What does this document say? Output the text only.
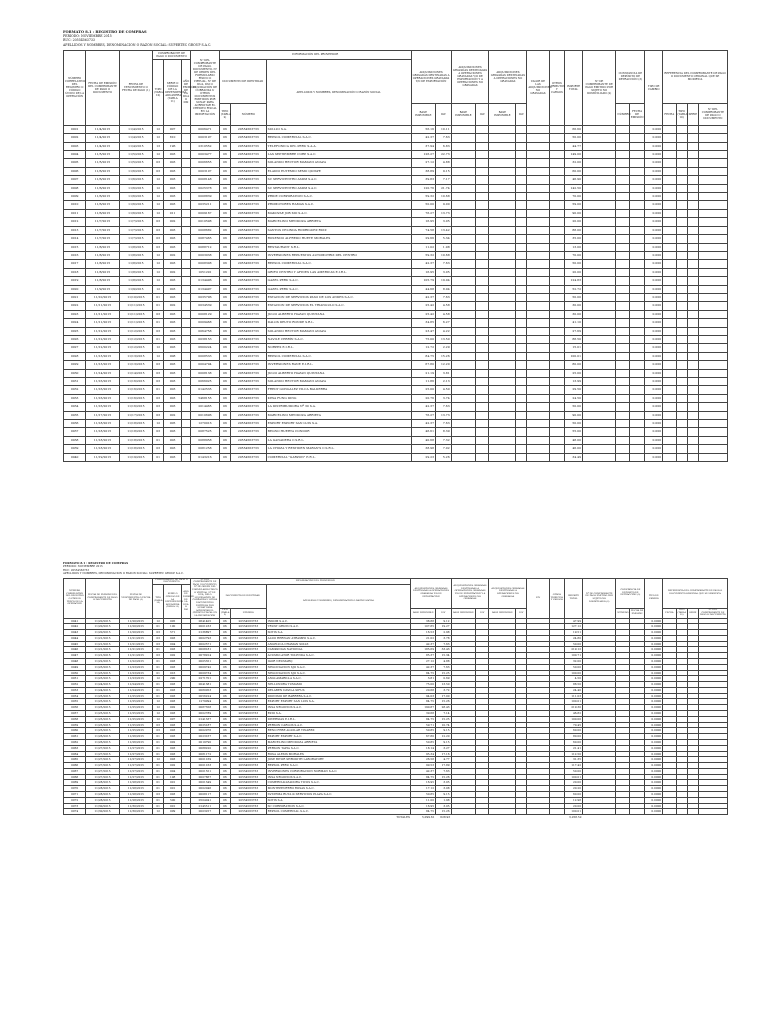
FORMATO 8.1 : REGISTRO DE COMPRAS
PERIODO: NOVIEMBRE 2015
RUC: 20554563733
APELLIDOS Y NOMBRES, DENOMINACION O RAZON SOCIAL: SUPERTEC GROUP S.A.C.
NÚMERO CORRELATIVO DEL REGISTRO O CÓDIGO ÚNICO DE LA OPERACIÓN	FECHA DE EMISIÓN DEL COMPROBANTE DE PAGO O DOCUMENTO	FECHA DE VENCIMIENTO O FECHA DE PAGO (1)	COMPROBANTE DE PAGO O DOCUMENTO			Nº DEL COMPROBANTE DE PAGO, DOCUMENTO, Nº DE ORDEN DEL FORMULARIO FÍSICO O VIRTUAL, Nº DE DUA, DSI O LIQUIDACIÓN DE COBRANZA U OTROS DOCUMENTOS EMITIDOS POR SUNAT PARA ACREDITAR EL CRÉDITO FISCAL EN LA IMPORTACIÓN	INFORMACIÓN DEL PROVEEDOR			ADQUISICIONES GRAVADAS DESTINADAS A OPERACIONES GRAVADAS Y/O DE EXPORTACIÓN		ADQUISICIONES GRAVADAS DESTINADAS A OPERACIONES GRAVADAS Y/O DE EXPORTACIÓN Y A OPERACIONES NO GRAVADAS		ADQUISICIONES GRAVADAS DESTINADAS A OPERACIONES NO GRAVADAS		VALOR DE LAS ADQUISICIONES NO GRAVADAS	OTROS TRIBUTOS Y CARGOS	IMPORTE TOTAL	Nº DE COMPROBANTE DE PAGO EMITIDO POR SUJETO NO DOMICILIADO (2)	CONSTANCIA DE DEPÓSITO DE DETRACCIÓN (3)		TIPO DE CAMBIO	REFERENCIA DEL COMPROBANTE DE PAGO O DOCUMENTO ORIGINAL QUE SE MODIFICA			
			TIPO (TABLA 10)	SERIE O CÓDIGO DE LA DEPENDENCIA ADUANERA (TABLA 11)	AÑO DE EMISIÓN DE LA DUA O DSI		DOCUMENTO DE IDENTIDAD		APELLIDOS Y NOMBRES, DENOMINACIÓN O RAZÓN SOCIAL																	
							TIPO (TABLA 2)	NÚMERO		BASE IMPONIBLE	IGV	BASE IMPONIBLE	IGV	BASE IMPONIBLE	IGV					NÚMERO	FECHA DE EMISIÓN		FECHA	TIPO (TABLA 10)	SERIE	Nº DEL COMPROBANTE DE PAGO O DOCUMENTO
0001	11/4/2015	11/4/2015	12	007		0006471	06	20554563733	SULLIO S.A.	56.16	10.11							66.60				0.000				
0002	11/4/2015	11/4/2015	12	810		0003197	06	20554563733	REPSOL COMERCIAL S.A.C.	42.37	7.63							50.00				0.000				
0003	11/4/2015	11/4/2015	13	196		2310552	06	20554563733	TELEFONICA DEL PERU S.A.A.	37.94	6.83							44.77				0.000				
0004	11/5/2015	11/5/2015	12	003		0003477	06	20554563733	LAS SEPTIEMBRE CORP S.A.C.	126.27	22.73							149.00				0.000				
0005	11/5/2015	11/5/2015	03	003		0006655	06	20554563733	SOLANDO HECTOR MAMANI ANAZA	27.12	4.88							32.00				0.000				
0006	11/6/2015	11/6/2015	03	003		0003107	06	20554563733	ELADIO EUTEMIO SEMO QUISPE	38.89	9.15							60.00				0.000				
0007	11/6/2015	11/6/2015	12	003		0008148	06	20554563733	SC SERVICENTRO ASDM S.A.C.	39.83	7.17							46.90				0.000				
0008	11/6/2015	11/6/2015	12	003		0025378	06	20554563733	SC SERVICENTRO ASDM S.A.C.	120.76	21.74							142.50				0.000				
0009	11/6/2015	11/6/2015	12	003		0008839	06	20554563733	PRIDE CORPORATION S.A.C.	59.32	10.68							70.00				0.000				
0010	11/6/2015	11/6/2015	12	003		0035211	06	20554563733	PROMOTORES HAMAS S.A.C.	50.00	9.00							59.00				0.000				
0011	11/6/2015	11/6/2015	12	011		0009167	06	20554563733	MAKOVAE JOB XIO S.A.C.	76.27	13.73							90.00				0.000				
0012	11/7/2015	11/7/2015	03	002		0010598	06	20554563733	MARCELINO MENDOZA ARRIETA	16.95	3.05							20.00				0.000				
0013	11/7/2015	11/7/2015	03	003		0008682	06	20554563733	SANTOS CELINDA RODRIGUEZ RUIZ	74.58	13.42							88.00				0.000				
0014	11/7/2015	11/7/2015	03	003		0087465	06	20554563733	ROSENDO ALFREDO HUETE MORALES	29.66	5.34							35.00				0.000				
0015	11/8/2015	11/8/2015	03	003		0088712	06	20554563733	RESTAURANT S.R.L.	11.02	1.98							13.00				0.000				
0016	11/8/2015	11/8/2015	12	002		0003038	06	20554563733	INVERSIONES REPUESTOS AUTOMOTRIZ DEL CENTRO	59.32	10.68							70.00				0.000				
0017	11/8/2015	11/8/2015	12	003		0008308	06	20554563733	REPSOL COMERCIAL S.A.C.	42.37	7.63							50.00				0.000				
0018	11/8/2015	11/8/2015	12	002		1051291	06	20554563733	GRIFO CENTRO Y AFINES LAS AMERICAS E.I.R.L.	16.95	3.05							20.00				0.000				
0019	11/8/2015	11/8/2015	12	003		0134496	06	20554563733	GAZEL PERU S.A.C.	105.79	19.04							124.83				0.000				
0020	11/9/2015	11/9/2015	12	003		0134497	06	20554563733	GAZEL PERU S.A.C.	44.68	8.04							52.72				0.000				
0021	11/10/2015	11/10/2015	01	003		0035796	06	20554563733	ESTACION DE SERVICIOS PASO DE LOS ANDES S.A.C.	42.37	7.63							50.00				0.000				
0022	11/11/2015	11/11/2015	01	002		0034539	06	20554563733	ESTACION DE SERVICIOS EL TRIANGULO S.A.C.	25.42	4.58							30.00				0.000				
0023	11/11/2015	11/11/2015	03	003		0008129	06	20554563733	JULIO ALBERTO HAZAN QUINTANA	25.42	4.58							30.00				0.000				
0024	11/11/2015	11/11/2015	01	003		0009468	06	20554563733	DALOS DEUTO RONDE S.R.L.	34.85	6.27							41.10				0.000				
0025	11/12/2015	11/12/2015	03	003		0064758	06	20554563733	SOLANDO HECTOR MAMANI ANAZA	23.47	4.22							27.69				0.000				
0026	11/12/2015	11/12/2015	01	003		0038153	06	20554563733	NAVILE CEBRÍN S.A.C.	75.00	13.50							88.50				0.000				
0027	11/12/2015	11/12/2015	12	003		0600224	06	20554563733	NORPEX E.I.R.L.	12.72	2.29							15.01				0.000				
0028	11/13/2015	11/13/2015	12	008		0008533	06	20554563733	REPSOL COMERCIAL S.A.C.	84.75	15.26							100.01				0.000				
0029	11/13/2015	11/13/2015	03	003		0004794	06	20554563733	INVERSIONES RANE E.I.R.L.	67.80	12.20							80.00				0.000				
0030	11/14/2015	11/14/2015	03	003		0008138	06	20554563733	JULIO ALBERTO HAZAN QUINTANA	21.19	3.81							25.00				0.000				
0031	11/16/2015	11/16/2015	03	003		0066025	06	20554563733	SOLANDO HECTOR MAMANI ANAZA	11.86	2.13							13.99				0.000				
0032	11/16/2015	11/16/2015	01	003		0142535	06	20554563733	FREDY GONGALEZ VILCA BALDERRA	25.00	4.50							29.50				0.000				
0033	11/16/2015	11/16/2015	03	003		5468155	06	20554563733	KIWA FUNG DING	20.76	3.74							24.50				0.000				
0034	11/16/2015	11/16/2015	03	003		2014465	06	20554563733	LA DISTRIBUIDORA Nº 30 S.A.	42.37	7.63							50.00				0.000				
0035	11/17/2015	11/17/2015	03	002		0010696	06	20554563733	MARCELINO MENDOZA ARRIETA	76.27	13.73							90.00				0.000				
0036	11/18/2015	11/18/2015	12	005		1270016	06	20554563733	EXPORT EXPORT SAN LUIS S.A.	42.37	7.63							50.00				0.000				
0037	11/18/2015	11/18/2015	03	003		0087525	06	20554563733	BEGNO HUERTA CONDOR	46.61	8.39							55.00				0.000				
0038	11/18/2015	11/18/2015	01	003		0088958	06	20554563733	LA GANADERA C.S.R.L.	40.68	7.32							48.00				0.000				
0039	11/18/2015	11/18/2015	03	003		0081258	06	20554563733	LA CHOZA Y RESTIDEN MARAN'S C.S.R.L.	38.98	7.02							46.00				0.000				
0040	11/19/2015	11/19/2015	01	003		0143216	06	20554563733	COMERCIAL "GARZON" E.R.L.	29.23	5.26							34.49				0.000				
FORMATO 8.1 : REGISTRO DE COMPRAS
PERIODO: NOVIEMBRE 2015
RUC: 20554563733
APELLIDOS Y NOMBRES, DENOMINACION O RAZON SOCIAL: SUPERTEC GROUP S.A.C.
NÚMERO CORRELATIVO DEL REGISTRO O CÓDIGO ÚNICO DE LA OPERACIÓN	FECHA DE EMISIÓN DEL COMPROBANTE DE PAGO O DOCUMENTO	FECHA DE VENCIMIENTO O FECHA DE PAGO (1)	COMPROBANTE DE PAGO O DOCUMENTO			Nº DEL COMPROBANTE DE PAGO, DOCUMENTO, Nº DE ORDEN DEL FORMULARIO FÍSICO O VIRTUAL, Nº DE DUA, DSI O LIQUIDACIÓN DE COBRANZA U OTROS DOCUMENTOS EMITIDOS POR SUNAT PARA ACREDITAR EL CRÉDITO FISCAL EN LA IMPORTACIÓN	INFORMACIÓN DEL PROVEEDOR			ADQUISICIONES GRAVADAS DESTINADAS A OPERACIONES GRAVADAS Y/O DE EXPORTACIÓN		ADQUISICIONES GRAVADAS DESTINADAS A OPERACIONES GRAVADAS Y/O DE EXPORTACIÓN Y A OPERACIONES NO GRAVADAS		ADQUISICIONES GRAVADAS DESTINADAS A OPERACIONES NO GRAVADAS		IGV	OTROS TRIBUTOS Y CARGOS	IMPORTE TOTAL	Nº DE COMPROBANTE DE PAGO EMITIDO POR SUJETO NO DOMICILIADO (2)	CONSTANCIA DE DEPÓSITO DE DETRACCIÓN (3)		TIPO DE CAMBIO	REFERENCIA DEL COMPROBANTE DE PAGO O DOCUMENTO ORIGINAL QUE SE MODIFICA			
			TIPO (TABLA 10)	SERIE O CÓDIGO DE LA DEPENDENCIA ADUANERA (TABLA 11)	AÑO DE EMISIÓN DE LA DUA O DSI		DOCUMENTO DE IDENTIDAD		APELLIDOS Y NOMBRES, DENOMINACIÓN O RAZÓN SOCIAL																	
							TIPO (TABLA 2)	NÚMERO		BASE IMPONIBLE	IGV	BASE IMPONIBLE	IGV	BASE IMPONIBLE	IGV					NÚMERO	FECHA DE EMISIÓN		FECHA	TIPO (TABLA 10)	SERIE	Nº DEL COMPROBANTE DE PAGO O DOCUMENTO
0041	11/20/2015	11/20/2015	12	005		0641405	06	20554563733	INKOM S.A.C.	38.88	9.12							47.99				0.0000				
0042	11/20/2015	11/20/2015	01	100		0001233	06	20554563733	TRUST GRUPO S.A.C.	107.85	19.27							127.12				0.0000				
0043	11/20/2015	11/20/2015	03	571		0136897	06	20554563733	SOTIS S.A.	16.53	2.98							19.51				0.0000				
0044	11/21/2015	11/21/2015	03	003		0002793	06	20554563733	ALDO HERNAN ATRAMPO S.A.C.	21.02	3.78							24.80				0.0000				
0045	11/21/2015	11/21/2015	03	004		0002571	06	20554563733	ANGELICA CHAMAN SOLIZ	42.37	7.63							50.00				0.0000				
0046	11/21/2015	11/21/2015	01	003		0008181	06	20554563733	CAMPANIAS NATIONAL	185.69	33.43							219.12				0.0000				
0047	11/21/2015	11/21/2015	03	002		0078914	06	20554563733	ACUMULATOR TOLENDA S.A.C.	85.37	15.34							100.71				0.0000				
0048	11/22/2015	11/22/2015	01	003		0005351	06	20554563733	IGOR NEUMARQ	27.12	4.88							32.00				0.0000				
0049	11/23/2015	11/23/2015	01	003		0009742	06	20554563733	NEGOCIACION SJO S.A.C.	42.37	7.63							50.00				0.0000				
0050	11/23/2015	11/23/2015	01	016		0009734	06	20554563733	NEGOCIACION SJO S.A.C.	84.75	15.25							100.00				0.0000				
0051	11/23/2015	11/23/2015	12	290		0271701	06	20554563733	ANGLAMARILLA S.A.C.	3.81	0.69							4.50				0.0000				
0052	11/24/2015	11/24/2015	01	003		0041381	06	20554563733	NELLUNDRA TUMAMO	75.00	13.50							88.50				0.0000				
0053	11/24/2015	11/24/2015	01	003		0080053	06	20554563733	DELABEN DAVILA SIFUS	20.68	3.72							24.40				0.0000				
0054	11/25/2015	11/25/2015	01	003		0056224	06	20554563733	DIONISIO DE BARRERA S.A.C.	94.03	17.00							111.03				0.0000				
0055	11/25/2015	11/25/2015	12	003		1279094	06	20554563733	EXPORT EXPORT SAN LUIS S.A.	84.75	15.26							100.01				0.0000				
0056	11/25/2015	11/25/2015	12	002		0087358	06	20554563733	INSA NEGOCIOS S.A.C.	190.87	28.43							219.30				0.0000				
0057	11/25/2015	11/25/2015	12	003		0002789	06	20554563733	EZIO S.A.	39.68	7.14							46.82				0.0000				
0058	11/25/2015	11/25/2015	12	007		0141337	06	20554563733	DIVERSIAS E.I.R.L.	84.75	15.25							100.00				0.0000				
0059	11/25/2015	11/25/2015	03	003		0025187	06	20554563733	PERSON CARLOS S.A.C.	59.71	10.74							70.45				0.0000				
0060	11/25/2015	11/25/2015	03	003		0002076	06	20554563733	RENO FEBE AGUILAR TINAREZ	50.85	9.15							60.00				0.0000				
0061	11/26/2015	11/26/2015	01	003		0023167	06	20554563733	EXPORT EXPORT S.A.C.	67.80	12.20							80.00				0.0000				
0062	11/26/2015	11/26/2015	01	002		0019790	06	20554563733	MARCELINO MENDOZA ARRIETA	50.85	9.15							60.00				0.0000				
0063	11/27/2015	11/27/2015	01	003		0088220	06	20554563733	PERSON TAPIA S.A.C.	18.14	3.27							21.41				0.0000				
0064	11/27/2015	11/27/2015	01	003		0081172	06	20554563733	ROSA ALEXIS MORALES	95.34	17.16							112.50				0.0000				
0065	11/27/2015	11/27/2015	12	003		0001169	06	20554563733	JOSE BITOR SHRODITH LABORATORY	26.58	4.77							31.35				0.0000				
0066	11/27/2015	11/27/2015	01	002		0001163	06	20554563733	REPSOL PERU S.A.C.	99.53	17.89							117.42				0.0000				
0067	11/27/2015	11/27/2015	01	004		0001551	06	20554563733	INVERSIONES CORPORACION NORMAN S.A.C.	42.37	7.63							50.00				0.0000				
0068	11/27/2015	11/27/2015	01	108		0007867	06	20554563733	INSA NEGOCIOS S.A.C.	84.75	15.26							100.01				0.0000				
0069	11/28/2015	11/28/2015	01	001		0001349	06	20554563733	COMERCIALIZADORA TICOS S.A.C.	16.95	3.05							20.00				0.0000				
0070	11/28/2015	11/28/2015	01	001		0002046	06	20554563733	MONTEPENFERO ROSAS S.A.C.	17.12	3.08							20.20				0.0000				
0071	11/28/2015	11/28/2015	03	003		0008117	06	20554563733	SVSTEMA RUTA & SERVICIOS PLAZA S.A.C.	50.85	9.15							60.00				0.0000				
0072	11/28/2015	11/28/2015	01	500		0504041	06	20554563733	SOTIS S.A.	11.00	1.98							12.98				0.0000				
0073	11/30/2015	11/30/2015	01	001		0145511	06	20554563733	SC CORPORATION S.A.C.	16.95	3.05							20.00				0.0000				
0074	11/30/2015	11/30/2015	12	009		0003257	06	20554563733	REPSOL COMERCIAL S.A.C.	84.75	15.26							100.01				0.0000				
									TOTALES	5,099.61	628.93							3,258.52								
